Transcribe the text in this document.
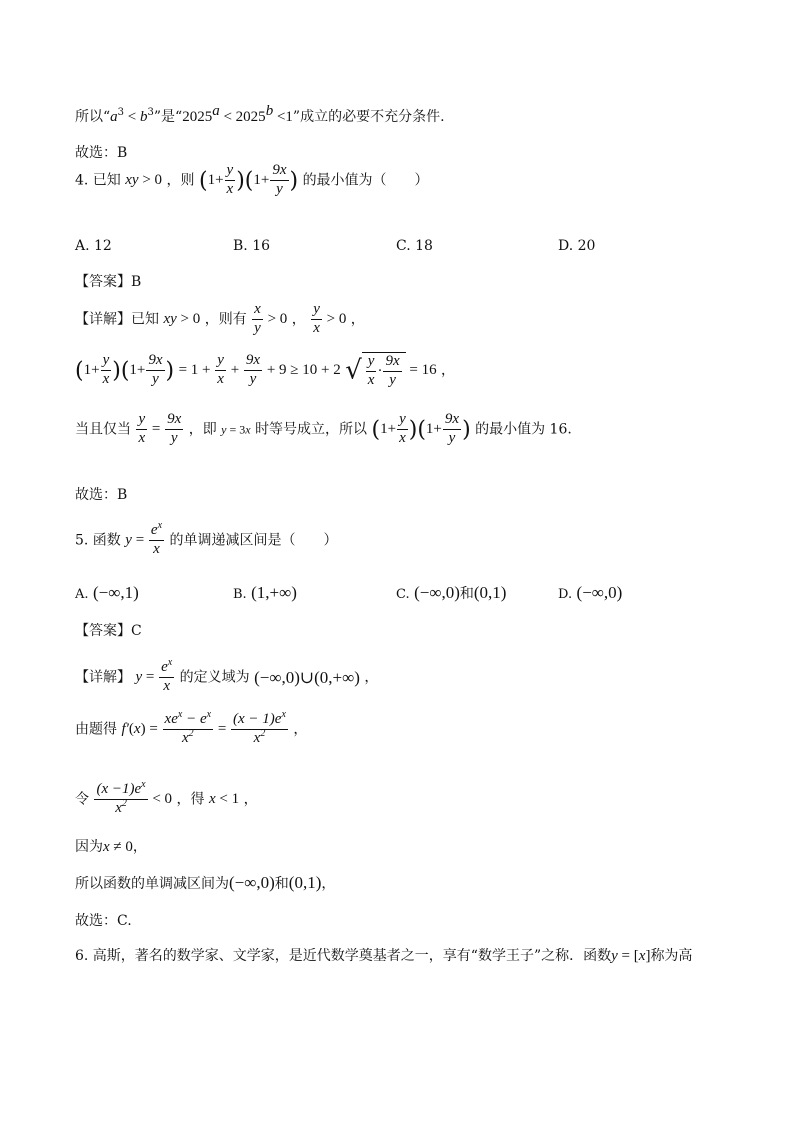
所以“$a^3 < b^3$”是“$2025^a < 2025^b <1$”成立的必要不充分条件.
故选：B
4. 已知 xy > 0 ，则 $(1+ \frac{y}{x} )(1+ \frac{9x}{y}$ ) 的最小值为（　　）
A. 12	B. 16	C. 18	D. 20
【答案】B
【详解】已知 xy > 0 ，则有 $\frac{x}{y} > 0$ ， $\frac{y}{x} > 0$ ，
$(1+ \frac{y}{x} )(1+ \frac{9x}{y}$ ) = $1 + \frac{y}{x} + \frac{9x}{y} + 9 \ge 10 + 2$ √ $\frac{y}{x} \cdot \frac{9x}{y} = 16$ ，
当且仅当 $\frac{y}{x} = \frac{9x}{y}$ ，即 y = 3x 时等号成立，所以 $(1+ \frac{y}{x} )(1+ \frac{9x}{y}$ ) 的最小值为 16.
故选：B
5. 函数 $y = \frac{e^x}{x}$ 的单调递减区间是（　　）
A. (−∞,1)	B. (1,+∞)	C. (−∞,0)和(0,1)	D. (−∞,0)
【答案】C
【详解】 $y = \frac{e^x}{x}$ 的定义域为 (−∞,0)∪(0,+∞) ，
由题得 $f'(x) = \frac{xe^x - e^x}{x^2} = \frac{(x - 1)e^x}{x^2}$ ，
令 $\frac{(x -1)e^x}{x^2} < 0$ ，得 x < 1 ，
因为x ≠ 0，
所以函数的单调减区间为(−∞,0)和(0,1)，
故选：C.
6. 高斯，著名的数学家、文学家，是近代数学奠基者之一，享有“数学王子”之称．函数y = [x]称为高
